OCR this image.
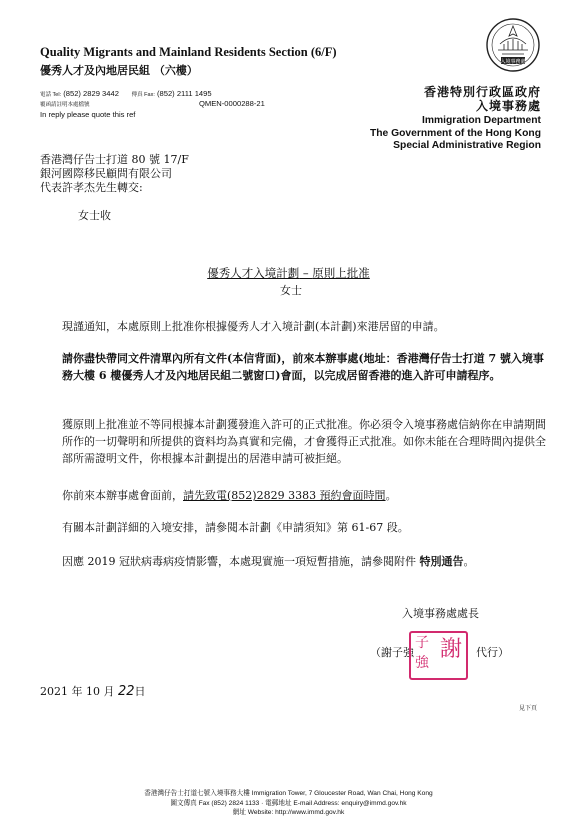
Quality Migrants and Mainland Residents Section (6/F)
優秀人才及內地居民組 （六樓）
電話 Tel: (852) 2829 3442 傳真 Fax: (852) 2111 1495
覆函請註明本處檔號	QMEN-0000288-21
In reply please quote this ref
入境事務處
香港特別行政區政府
入境事務處
Immigration Department
The Government of the Hong Kong
Special Administrative Region
香港灣仔告士打道 80 號 17/F
銀河國際移民顧問有限公司
代表許孝杰先生轉交:
女士收
優秀人才入境計劃 – 原則上批准
女士
現謹通知，本處原則上批准你根據優秀人才入境計劃(本計劃)來港居留的申請。
請你盡快帶同文件清單內所有文件(本信背面)，前來本辦事處(地址：香港灣仔告士打道 7 號入境事務大樓 6 樓優秀人才及內地居民組二號窗口)會面，以完成居留香港的進入許可申請程序。
獲原則上批准並不等同根據本計劃獲發進入許可的正式批准。你必須令入境事務處信納你在申請期間所作的一切聲明和所提供的資料均為真實和完備，才會獲得正式批准。如你未能在合理時間內提供全部所需證明文件，你根據本計劃提出的居港申請可被拒絕。
你前來本辦事處會面前，請先致電(852)2829 3383 預約會面時間。
有關本計劃詳細的入境安排，請參閱本計劃《申請須知》第 61-67 段。
因應 2019 冠狀病毒病疫情影響，本處現實施一項短暫措施，請參閱附件 特別通告。
入境事務處處長
（謝子強
子 謝
強
代行）
2021 年 10 月 22日
見下頁
香港灣仔告士打道七號入境事務大樓 Immigration Tower, 7 Gloucester Road, Wan Chai, Hong Kong
圖文傳真 Fax (852) 2824 1133 · 電郵地址 E-mail Address: enquiry@immd.gov.hk
網址 Website: http://www.immd.gov.hk
